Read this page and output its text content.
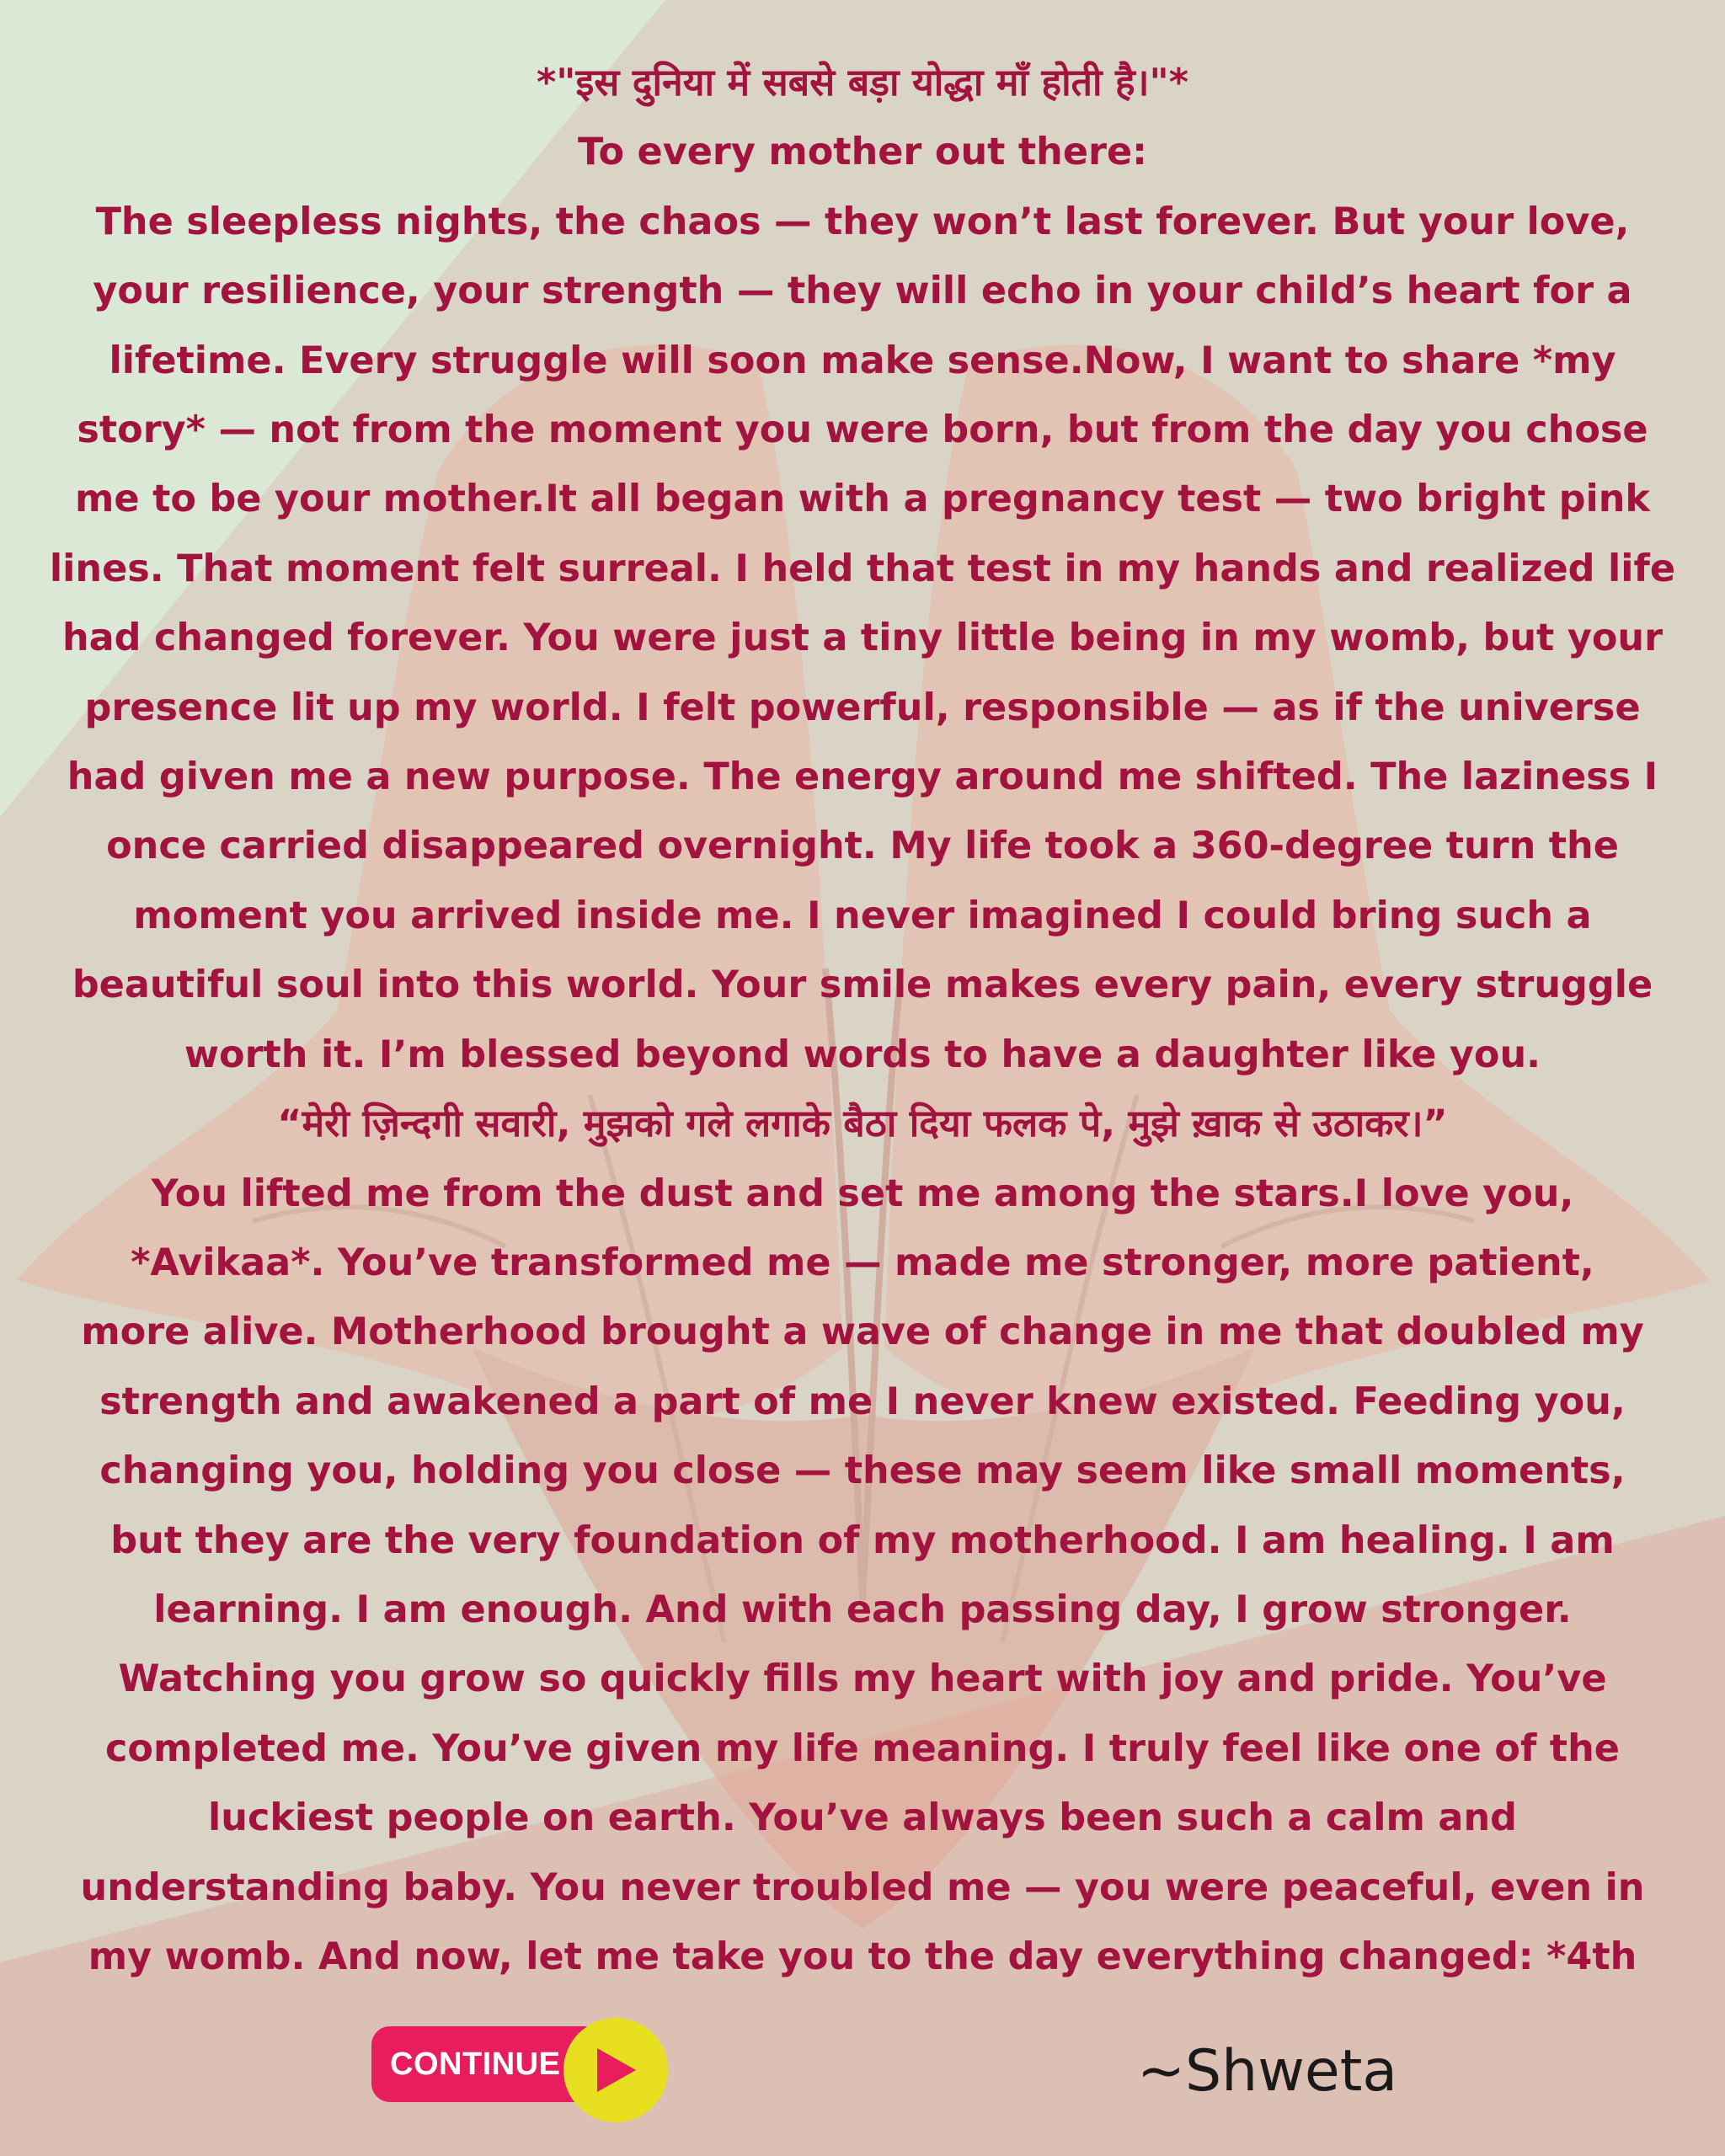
*"इस दुनिया में सबसे बड़ा योद्धा माँ होती है।"*
To every mother out there:
The sleepless nights, the chaos — they won’t last forever. But your love,
your resilience, your strength — they will echo in your child’s heart for a
lifetime. Every struggle will soon make sense.Now, I want to share *my
story* — not from the moment you were born, but from the day you chose
me to be your mother.It all began with a pregnancy test — two bright pink
lines. That moment felt surreal. I held that test in my hands and realized life
had changed forever. You were just a tiny little being in my womb, but your
presence lit up my world. I felt powerful, responsible — as if the universe
had given me a new purpose. The energy around me shifted. The laziness I
once carried disappeared overnight. My life took a 360-degree turn the
moment you arrived inside me. I never imagined I could bring such a
beautiful soul into this world. Your smile makes every pain, every struggle
worth it. I’m blessed beyond words to have a daughter like you.
“मेरी ज़िन्दगी सवारी, मुझको गले लगाके बैठा दिया फलक पे, मुझे ख़ाक से उठाकर।”
You lifted me from the dust and set me among the stars.I love you,
*Avikaa*. You’ve transformed me — made me stronger, more patient,
more alive. Motherhood brought a wave of change in me that doubled my
strength and awakened a part of me I never knew existed. Feeding you,
changing you, holding you close — these may seem like small moments,
but they are the very foundation of my motherhood. I am healing. I am
learning. I am enough. And with each passing day, I grow stronger.
Watching you grow so quickly fills my heart with joy and pride. You’ve
completed me. You’ve given my life meaning. I truly feel like one of the
luckiest people on earth. You’ve always been such a calm and
understanding baby. You never troubled me — you were peaceful, even in
my womb. And now, let me take you to the day everything changed: *4th
CONTINUE	~Shweta
